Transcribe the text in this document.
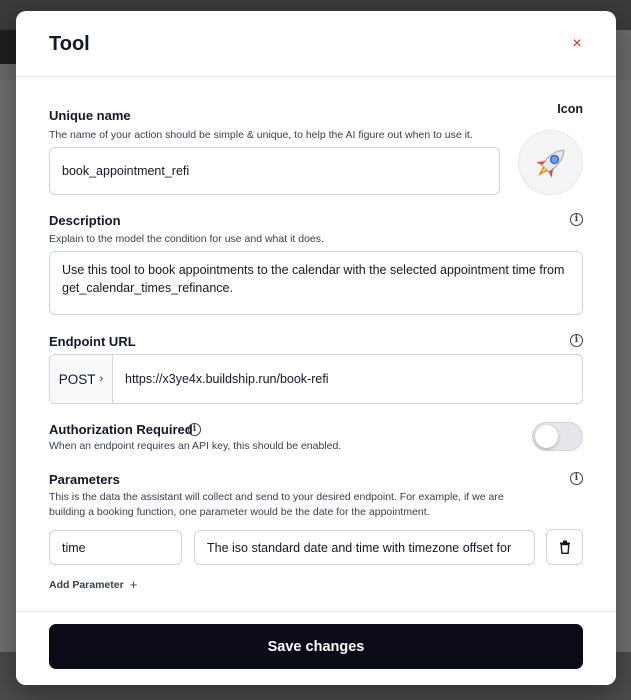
Tool	×
Unique name
The name of your action should be simple & unique, to help the AI figure out when to use it.
book_appointment_refi
Icon
Description	i
Explain to the model the condition for use and what it does.
Use this tool to book appointments to the calendar with the selected appointment time from get_calendar_times_refinance.
Endpoint URL	i
POST ›	https://x3ye4x.buildship.run/book-refi
Authorization Required i
When an endpoint requires an API key, this should be enabled.
Parameters	i
This is the data the assistant will collect and send to your desired endpoint. For example, if we are building a booking function, one parameter would be the date for the appointment.
time	The iso standard date and time with timezone offset for
Add Parameter +
Save changes
